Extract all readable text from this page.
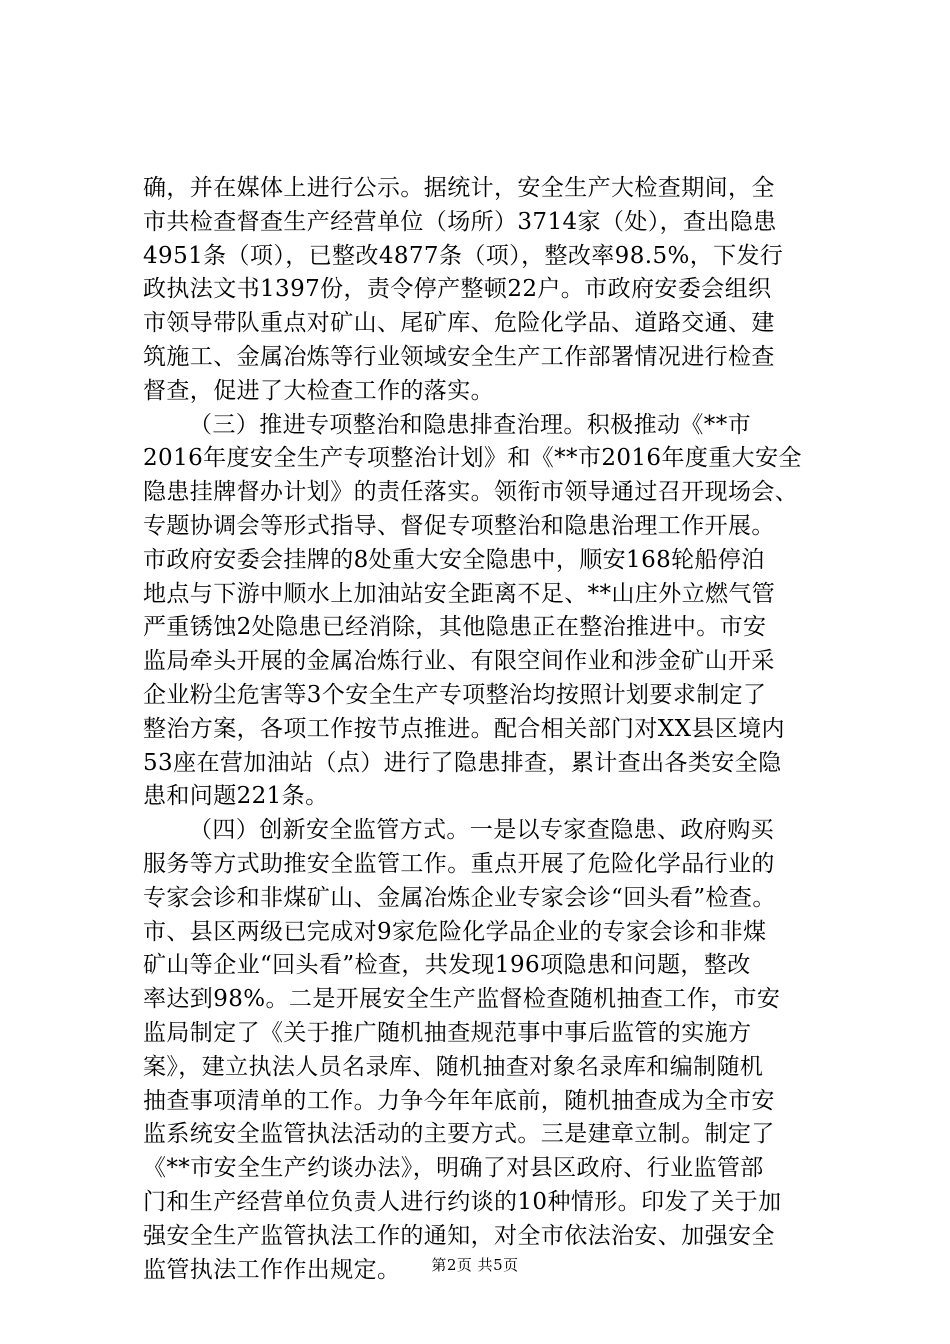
确，并在媒体上进行公示。据统计，安全生产大检查期间，全
市共检查督查生产经营单位（场所）3714家（处），查出隐患
4951条（项），已整改4877条（项），整改率98.5%，下发行
政执法文书1397份，责令停产整顿22户。市政府安委会组织
市领导带队重点对矿山、尾矿库、危险化学品、道路交通、建
筑施工、金属冶炼等行业领域安全生产工作部署情况进行检查
督查，促进了大检查工作的落实。
（三）推进专项整治和隐患排查治理。积极推动《**市
2016年度安全生产专项整治计划》和《**市2016年度重大安全
隐患挂牌督办计划》的责任落实。领衔市领导通过召开现场会、
专题协调会等形式指导、督促专项整治和隐患治理工作开展。
市政府安委会挂牌的8处重大安全隐患中，顺安168轮船停泊
地点与下游中顺水上加油站安全距离不足、**山庄外立燃气管
严重锈蚀2处隐患已经消除，其他隐患正在整治推进中。市安
监局牵头开展的金属冶炼行业、有限空间作业和涉金矿山开采
企业粉尘危害等3个安全生产专项整治均按照计划要求制定了
整治方案，各项工作按节点推进。配合相关部门对XX县区境内
53座在营加油站（点）进行了隐患排查，累计查出各类安全隐
患和问题221条。
（四）创新安全监管方式。一是以专家查隐患、政府购买
服务等方式助推安全监管工作。重点开展了危险化学品行业的
专家会诊和非煤矿山、金属冶炼企业专家会诊“回头看”检查。
市、县区两级已完成对9家危险化学品企业的专家会诊和非煤
矿山等企业“回头看”检查，共发现196项隐患和问题，整改
率达到98%。二是开展安全生产监督检查随机抽查工作，市安
监局制定了《关于推广随机抽查规范事中事后监管的实施方
案》，建立执法人员名录库、随机抽查对象名录库和编制随机
抽查事项清单的工作。力争今年年底前，随机抽查成为全市安
监系统安全监管执法活动的主要方式。三是建章立制。制定了
《**市安全生产约谈办法》，明确了对县区政府、行业监管部
门和生产经营单位负责人进行约谈的10种情形。印发了关于加
强安全生产监管执法工作的通知，对全市依法治安、加强安全
监管执法工作作出规定。	第2页 共5页
